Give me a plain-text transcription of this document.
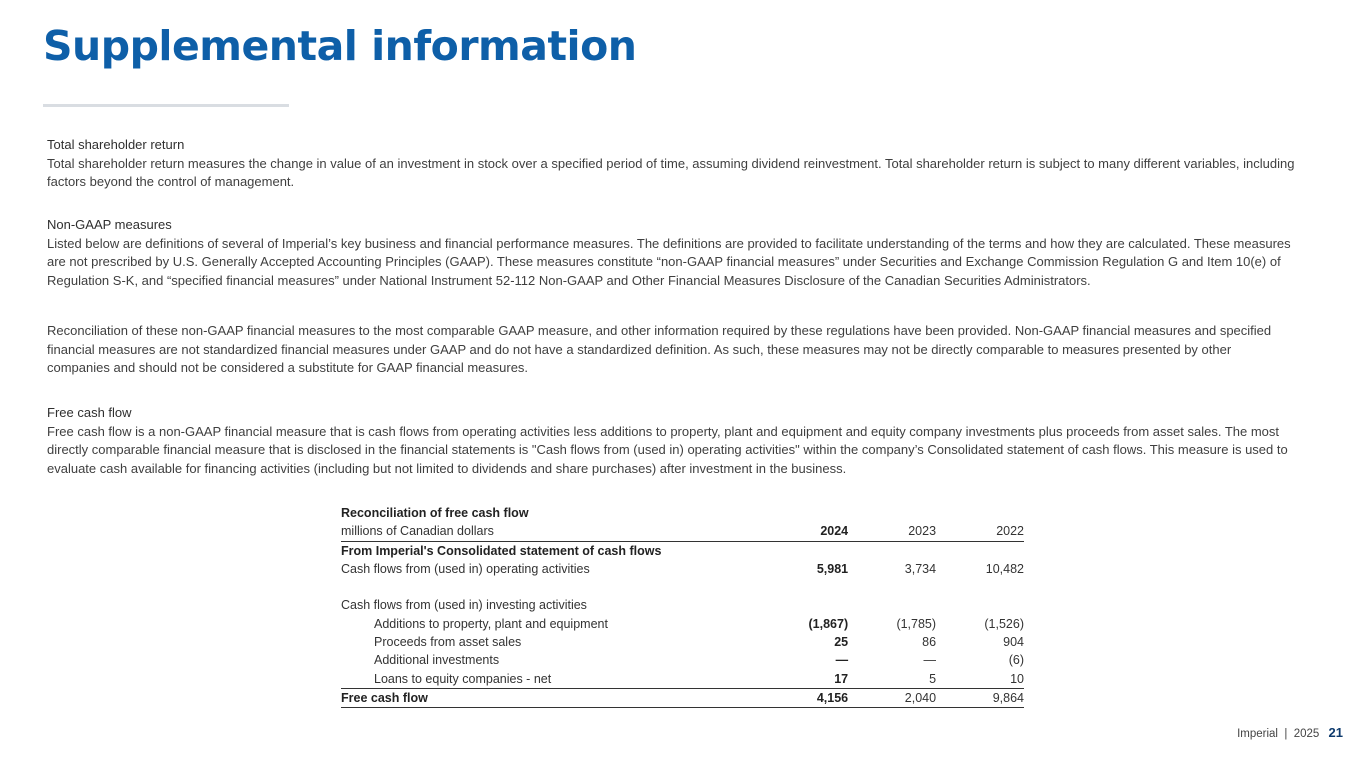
Supplemental information
Total shareholder return

Total shareholder return measures the change in value of an investment in stock over a specified period of time, assuming dividend reinvestment. Total shareholder return is subject to many different variables, including factors beyond the control of management.

Non-GAAP measures

Listed below are definitions of several of Imperial’s key business and financial performance measures. The definitions are provided to facilitate understanding of the terms and how they are calculated. These measures are not prescribed by U.S. Generally Accepted Accounting Principles (GAAP). These measures constitute “non-GAAP financial measures” under Securities and Exchange Commission Regulation G and Item 10(e) of Regulation S-K, and “specified financial measures” under National Instrument 52-112 Non-GAAP and Other Financial Measures Disclosure of the Canadian Securities Administrators.

Reconciliation of these non-GAAP financial measures to the most comparable GAAP measure, and other information required by these regulations have been provided. Non-GAAP financial measures and specified financial measures are not standardized financial measures under GAAP and do not have a standardized definition. As such, these measures may not be directly comparable to measures presented by other companies and should not be considered a substitute for GAAP financial measures.

Free cash flow

Free cash flow is a non-GAAP financial measure that is cash flows from operating activities less additions to property, plant and equipment and equity company investments plus proceeds from asset sales. The most directly comparable financial measure that is disclosed in the financial statements is "Cash flows from (used in) operating activities" within the company’s Consolidated statement of cash flows. This measure is used to evaluate cash available for financing activities (including but not limited to dividends and share purchases) after investment in the business.

Reconciliation of free cash flow			
millions of Canadian dollars	2024	2023	2022
From Imperial's Consolidated statement of cash flows			
Cash flows from (used in) operating activities	5,981	3,734	10,482

Cash flows from (used in) investing activities			
Additions to property, plant and equipment	(1,867)	(1,785)	(1,526)
Proceeds from asset sales	25	86	904
Additional investments	—	—	(6)
Loans to equity companies - net	17	5	10
Free cash flow	4,156	2,040	9,864
Imperial  |  2025 21
